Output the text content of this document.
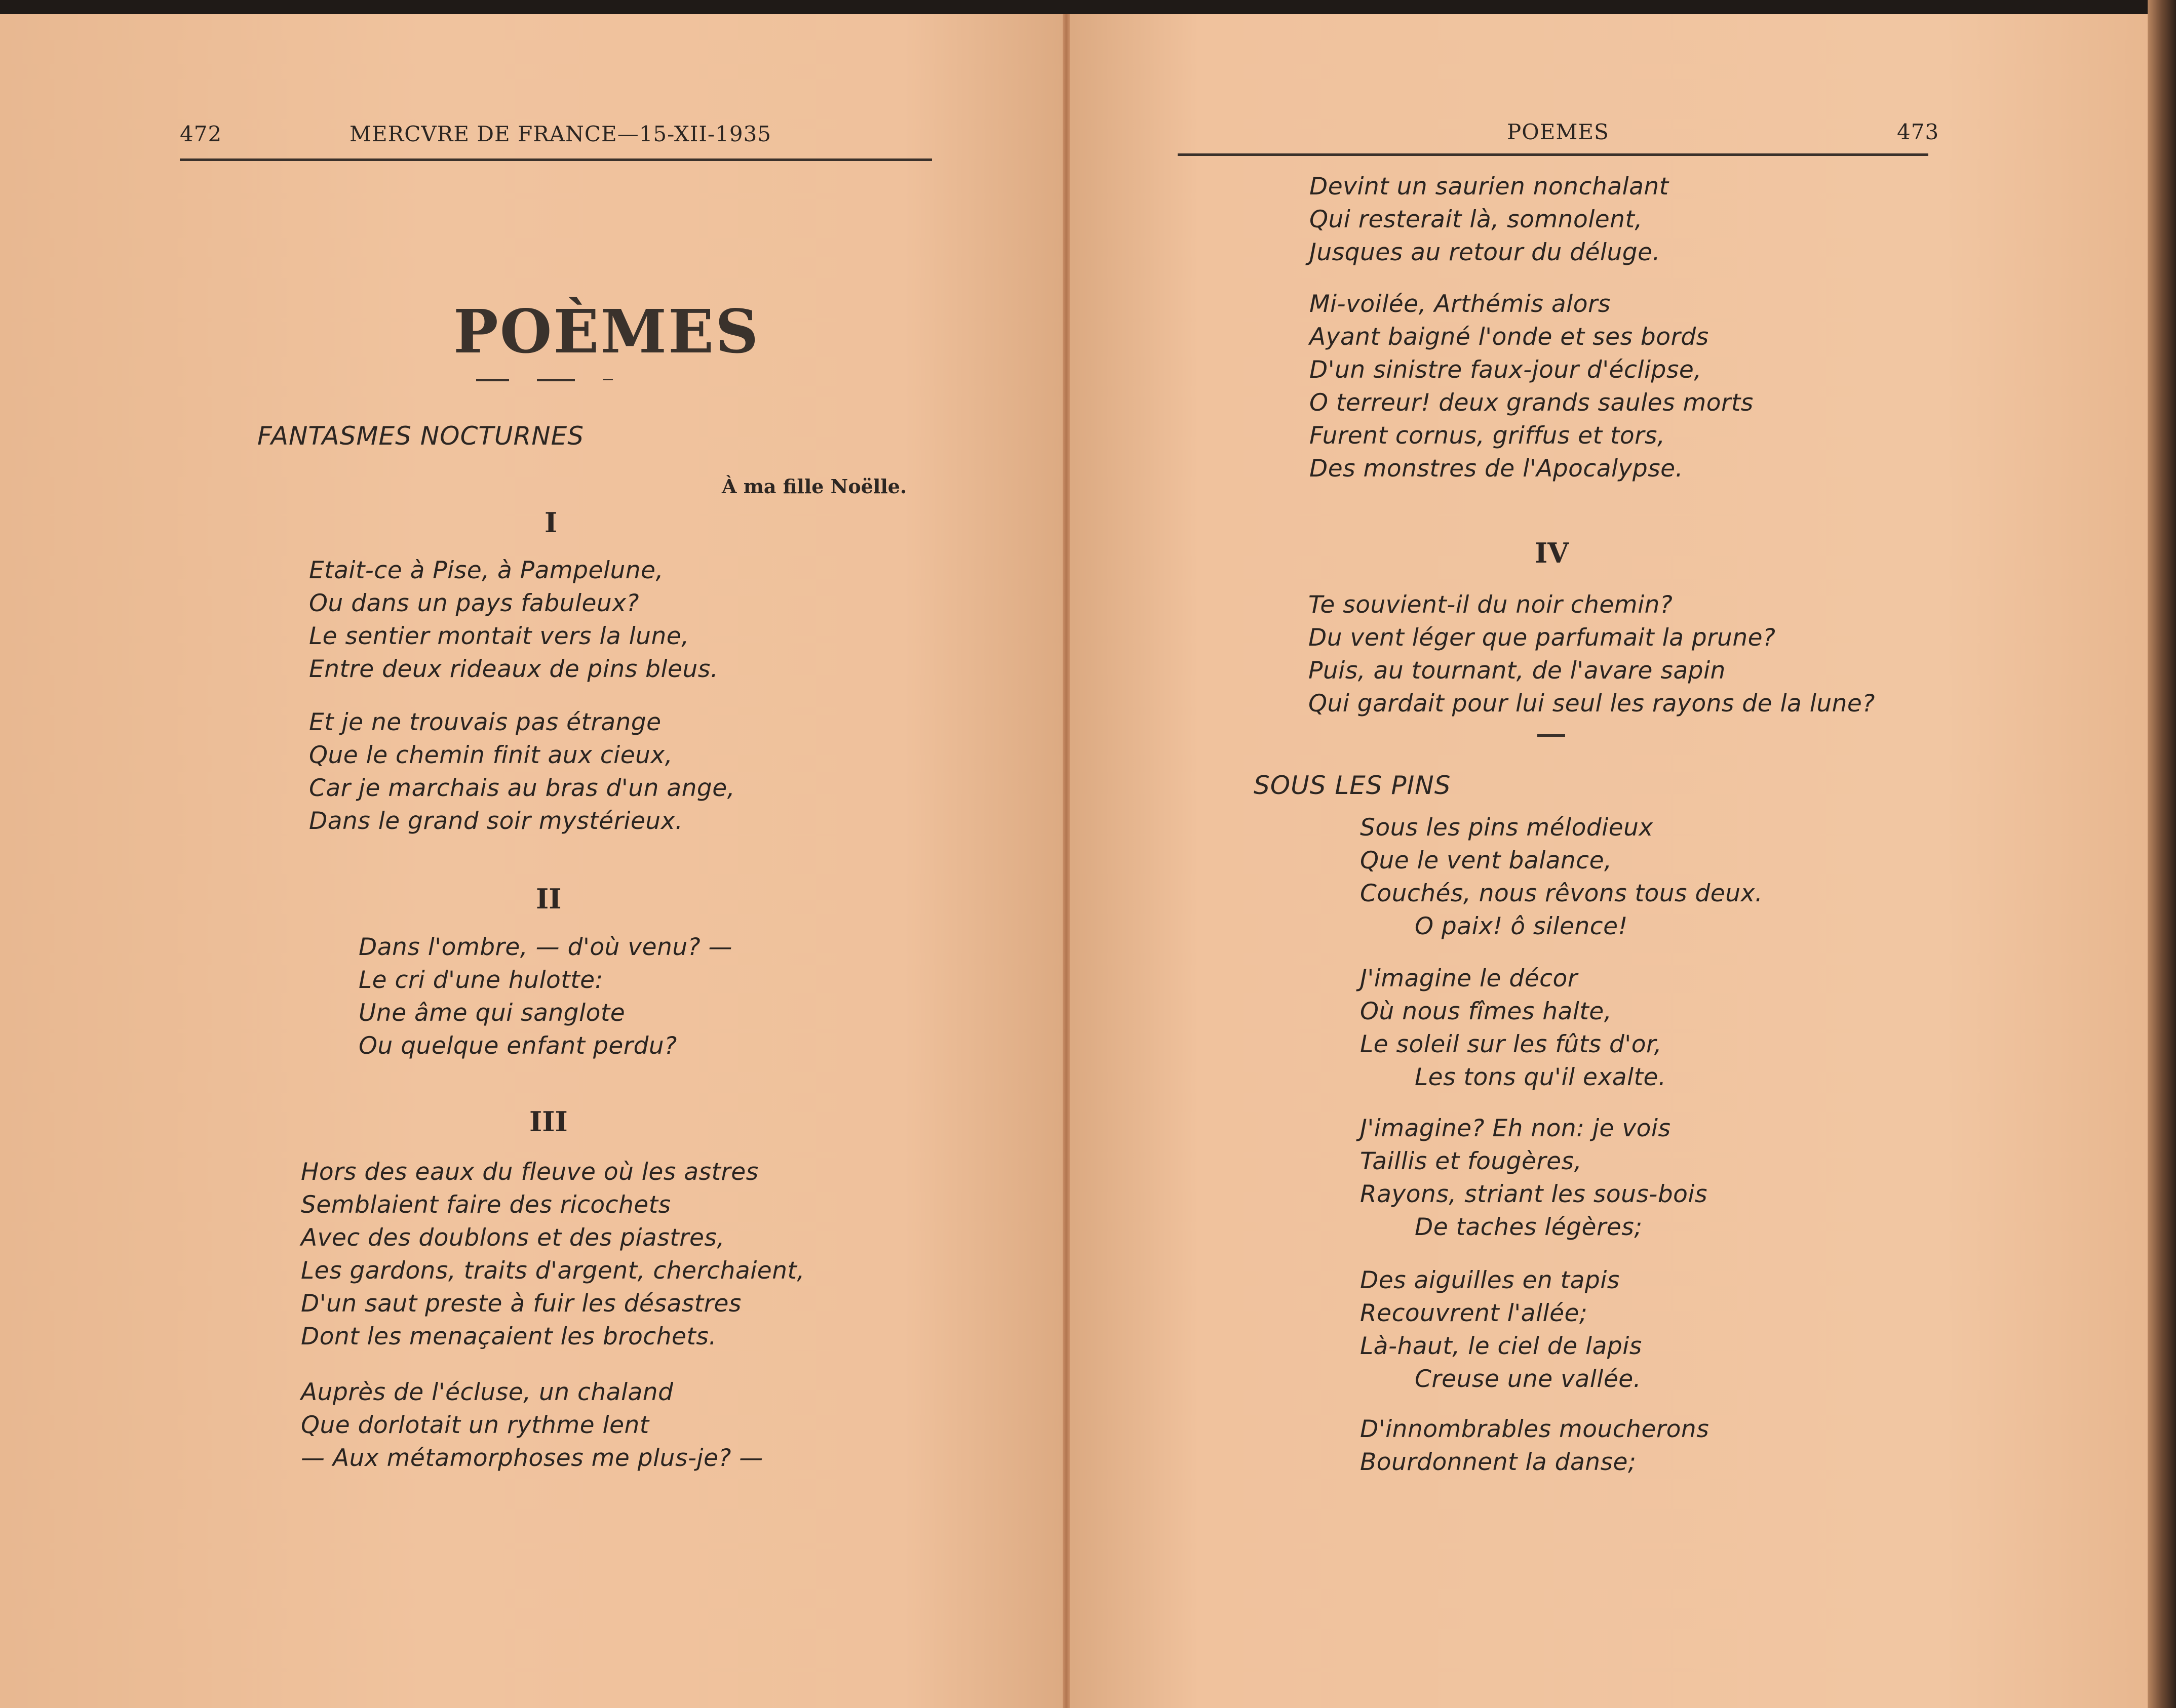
472	MERCVRE DE FRANCE—15-XII-1935
POÈMES
FANTASMES NOCTURNES
À ma fille Noëlle.
I
Etait-ce à Pise, à Pampelune,
Ou dans un pays fabuleux?
Le sentier montait vers la lune,
Entre deux rideaux de pins bleus.
Et je ne trouvais pas étrange
Que le chemin finit aux cieux,
Car je marchais au bras d'un ange,
Dans le grand soir mystérieux.
II
Dans l'ombre, — d'où venu? —
Le cri d'une hulotte:
Une âme qui sanglote
Ou quelque enfant perdu?
III
Hors des eaux du fleuve où les astres
Semblaient faire des ricochets
Avec des doublons et des piastres,
Les gardons, traits d'argent, cherchaient,
D'un saut preste à fuir les désastres
Dont les menaçaient les brochets.
Auprès de l'écluse, un chaland
Que dorlotait un rythme lent
— Aux métamorphoses me plus-je? —
POEMES	473
Devint un saurien nonchalant
Qui resterait là, somnolent,
Jusques au retour du déluge.
Mi-voilée, Arthémis alors
Ayant baigné l'onde et ses bords
D'un sinistre faux-jour d'éclipse,
O terreur! deux grands saules morts
Furent cornus, griffus et tors,
Des monstres de l'Apocalypse.
IV
Te souvient-il du noir chemin?
Du vent léger que parfumait la prune?
Puis, au tournant, de l'avare sapin
Qui gardait pour lui seul les rayons de la lune?
SOUS LES PINS
Sous les pins mélodieux
Que le vent balance,
Couchés, nous rêvons tous deux.
O paix! ô silence!
J'imagine le décor
Où nous fîmes halte,
Le soleil sur les fûts d'or,
Les tons qu'il exalte.
J'imagine? Eh non: je vois
Taillis et fougères,
Rayons, striant les sous-bois
De taches légères;
Des aiguilles en tapis
Recouvrent l'allée;
Là-haut, le ciel de lapis
Creuse une vallée.
D'innombrables moucherons
Bourdonnent la danse;
